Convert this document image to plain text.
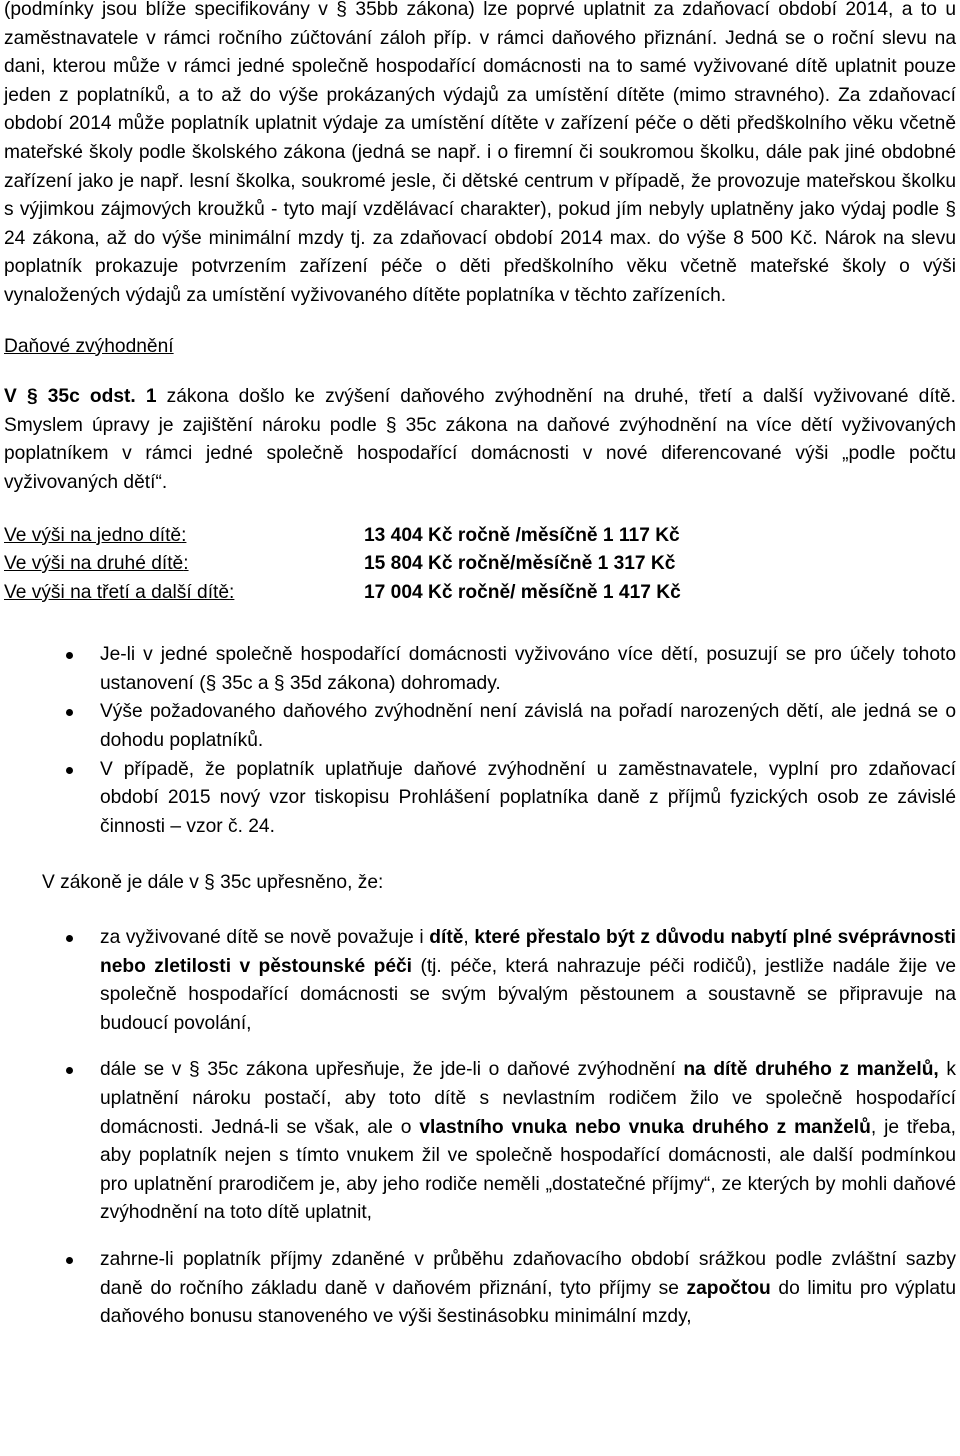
(podmínky jsou blíže specifikovány v § 35bb zákona) lze poprvé uplatnit za zdaňovací období 2014, a to u zaměstnavatele v rámci ročního zúčtování záloh příp. v rámci daňového přiznání. Jedná se o roční slevu na dani, kterou může v rámci jedné společně hospodařící domácnosti na to samé vyživované dítě uplatnit pouze jeden z poplatníků, a to až do výše prokázaných výdajů za umístění dítěte (mimo stravného). Za zdaňovací období 2014 může poplatník uplatnit výdaje za umístění dítěte v zařízení péče o děti předškolního věku včetně mateřské školy podle školského zákona (jedná se např. i o firemní či soukromou školku, dále pak jiné obdobné zařízení jako je např. lesní školka, soukromé jesle, či dětské centrum v případě, že provozuje mateřskou školku s výjimkou zájmových kroužků - tyto mají vzdělávací charakter), pokud jím nebyly uplatněny jako výdaj podle § 24 zákona, až do výše minimální mzdy tj. za zdaňovací období 2014 max. do výše 8 500 Kč. Nárok na slevu poplatník prokazuje potvrzením zařízení péče o děti předškolního věku včetně mateřské školy o výši vynaložených výdajů za umístění vyživovaného dítěte poplatníka v těchto zařízeních.

Daňové zvýhodnění

V § 35c odst. 1 zákona došlo ke zvýšení daňového zvýhodnění na druhé, třetí a další vyživované dítě. Smyslem úpravy je zajištění nároku podle § 35c zákona na daňové zvýhodnění na více dětí vyživovaných poplatníkem v rámci jedné společně hospodařící domácnosti v nové diferencované výši „podle počtu vyživovaných dětí“.

Ve výši na jedno dítě:	13 404 Kč ročně /měsíčně 1 117 Kč
Ve výši na druhé dítě:	15 804 Kč ročně/měsíčně 1 317 Kč
Ve výši na třetí a další dítě:	17 004 Kč ročně/ měsíčně 1 417 Kč
Je-li v jedné společně hospodařící domácnosti vyživováno více dětí, posuzují se pro účely tohoto ustanovení (§ 35c a § 35d zákona) dohromady.
Výše požadovaného daňového zvýhodnění není závislá na pořadí narozených dětí, ale jedná se o dohodu poplatníků.
V případě, že poplatník uplatňuje daňové zvýhodnění u zaměstnavatele, vyplní pro zdaňovací období 2015 nový vzor tiskopisu Prohlášení poplatníka daně z příjmů fyzických osob ze závislé činnosti – vzor č. 24.

V zákoně je dále v § 35c upřesněno, že:

za vyživované dítě se nově považuje i dítě, které přestalo být z důvodu nabytí plné svéprávnosti nebo zletilosti v pěstounské péči (tj. péče, která nahrazuje péči rodičů), jestliže nadále žije ve společně hospodařící domácnosti se svým bývalým pěstounem a soustavně se připravuje na budoucí povolání,
dále se v § 35c zákona upřesňuje, že jde-li o daňové zvýhodnění na dítě druhého z manželů, k uplatnění nároku postačí, aby toto dítě s nevlastním rodičem žilo ve společně hospodařící domácnosti. Jedná-li se však, ale o vlastního vnuka nebo vnuka druhého z manželů, je třeba, aby poplatník nejen s tímto vnukem žil ve společně hospodařící domácnosti, ale další podmínkou pro uplatnění prarodičem je, aby jeho rodiče neměli „dostatečné příjmy“, ze kterých by mohli daňové zvýhodnění na toto dítě uplatnit,
zahrne-li poplatník příjmy zdaněné v průběhu zdaňovacího období srážkou podle zvláštní sazby daně do ročního základu daně v daňovém přiznání, tyto příjmy se započtou do limitu pro výplatu daňového bonusu stanoveného ve výši šestinásobku minimální mzdy,
